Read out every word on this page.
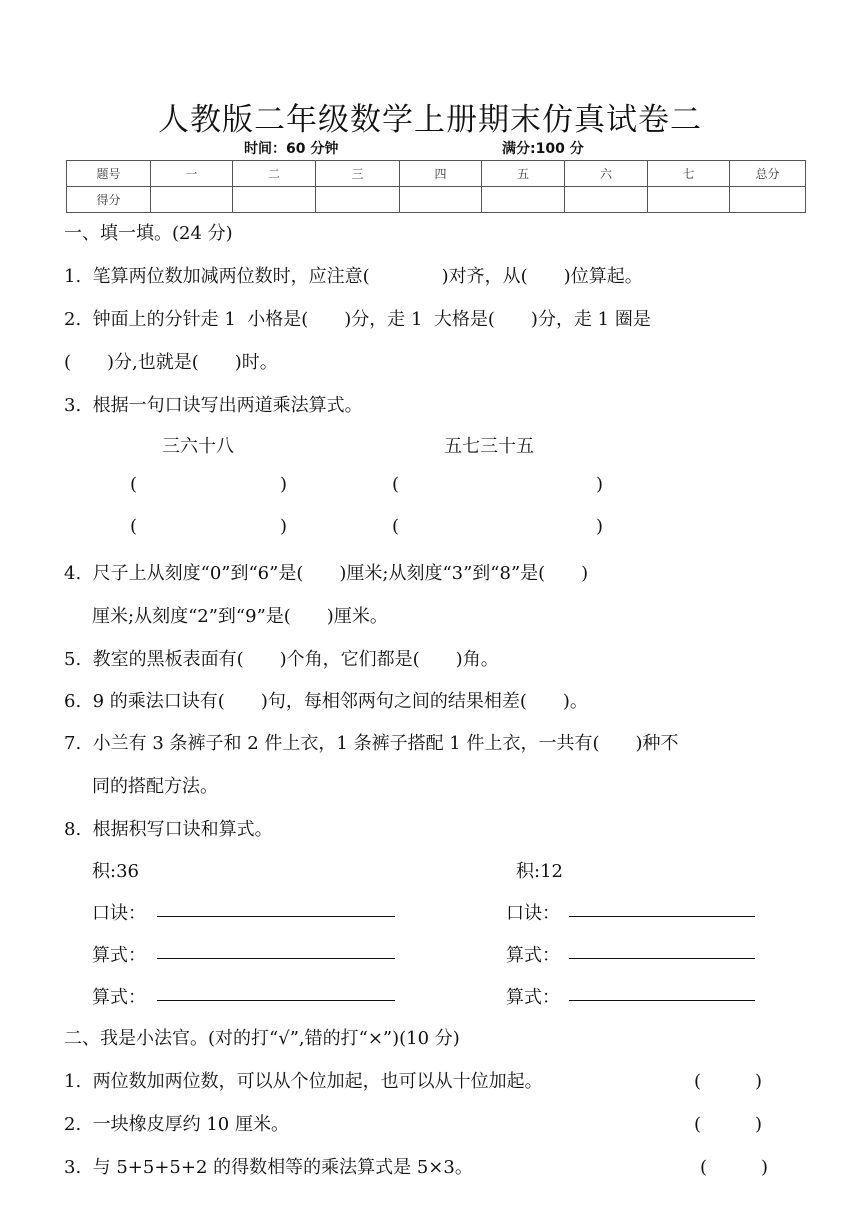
人教版二年级数学上册期末仿真试卷二
时间：60 分钟	满分:100 分
题号	一	二	三	四	五	六	七	总分
得分								
一、填一填。(24 分)
1.  笔算两位数加减两位数时，应注意(　　　　)对齐，从(　　)位算起。
2.  钟面上的分针走 1  小格是(　　)分，走 1  大格是(　　)分，走 1 圈是
(　　)分,也就是(　　)时。
3.  根据一句口诀写出两道乘法算式。
三六十八	五七三十五
(	)	(	)
(	)	(	)
4.  尺子上从刻度“0”到“6”是(　　)厘米;从刻度“3”到“8”是(　　)
厘米;从刻度“2”到“9”是(　　)厘米。
5.  教室的黑板表面有(　　)个角，它们都是(　　)角。
6.  9 的乘法口诀有(　　)句，每相邻两句之间的结果相差(　　)。
7.  小兰有 3 条裤子和 2 件上衣，1 条裤子搭配 1 件上衣，一共有(　　)种不
同的搭配方法。
8.  根据积写口诀和算式。
积:36	积:12
口诀：	口诀：
算式：	算式：
算式：	算式：
二、我是小法官。(对的打“√”,错的打“×”)(10 分)
1.  两位数加两位数，可以从个位加起，也可以从十位加起。	(　　　)
2.  一块橡皮厚约 10 厘米。	(　　　)
3.  与 5+5+5+2 的得数相等的乘法算式是 5×3。	(　　　)
